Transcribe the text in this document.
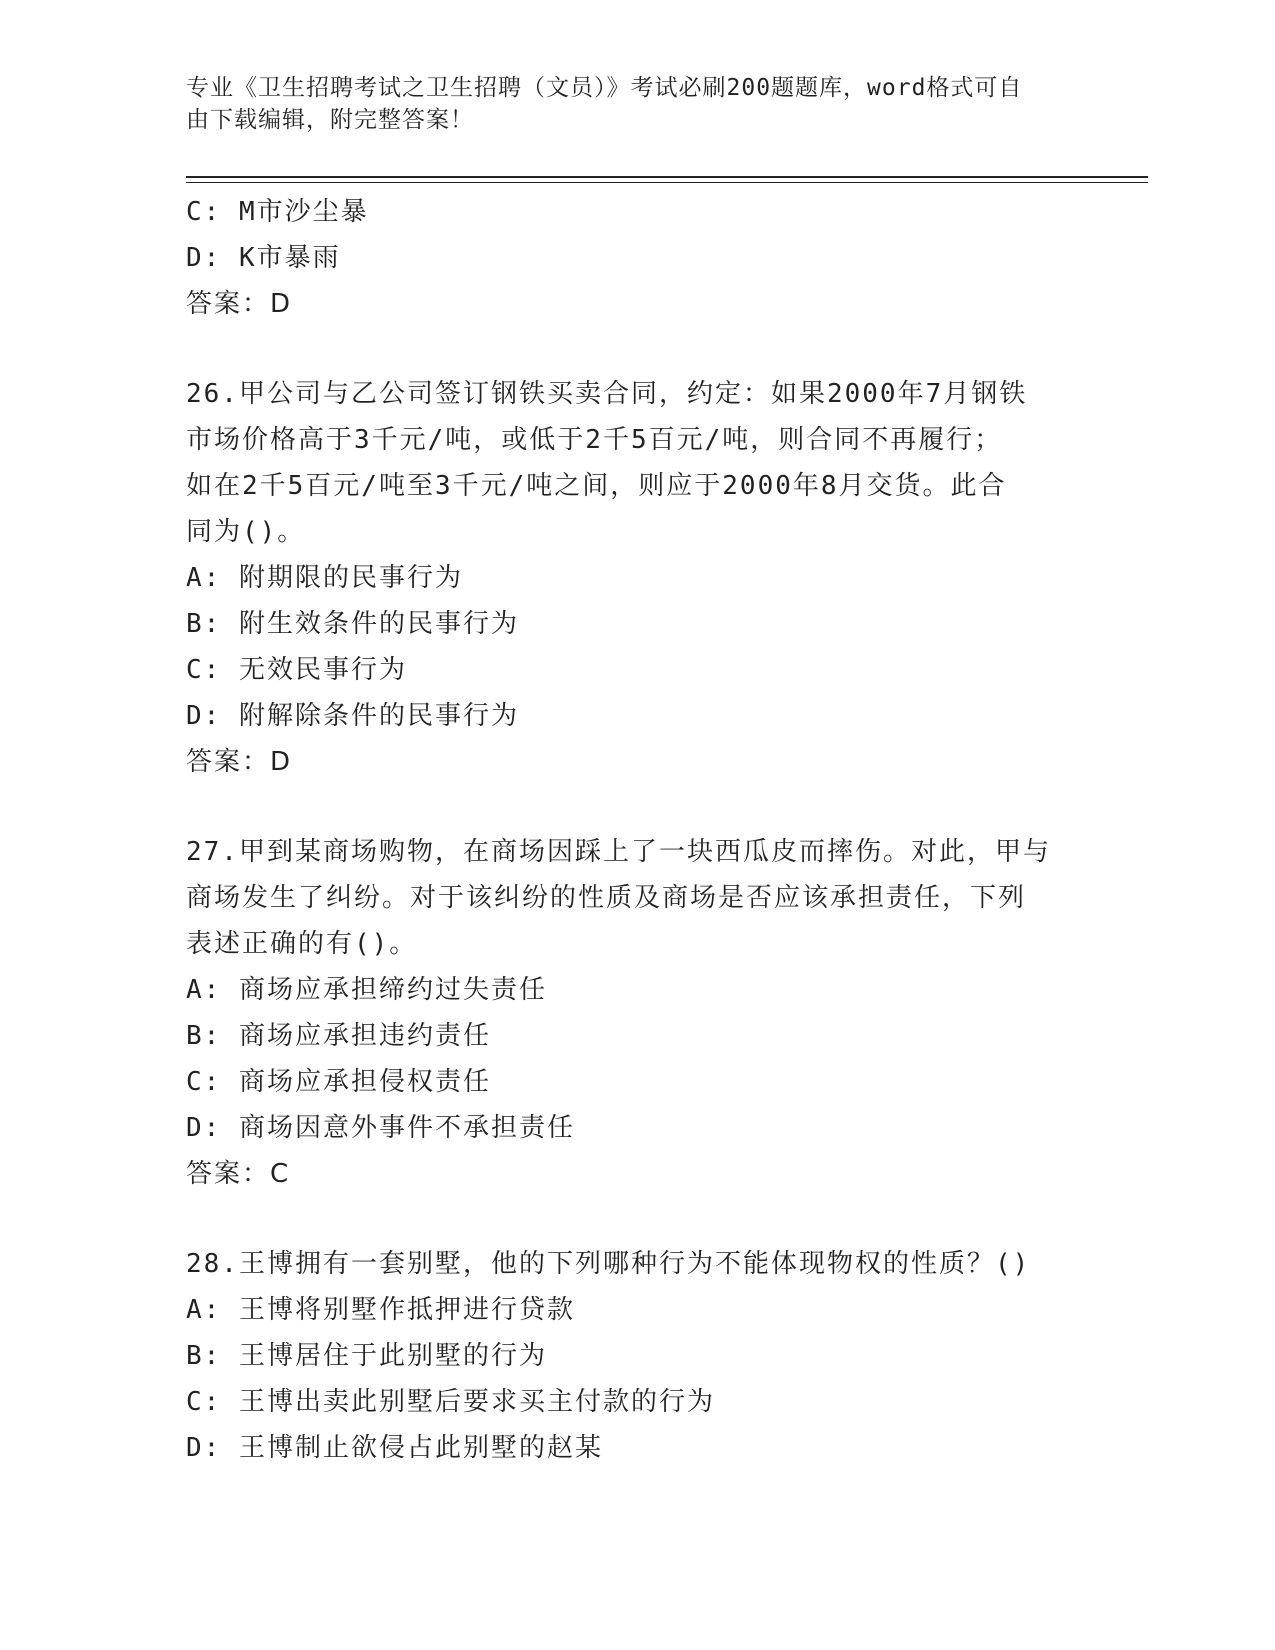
专业《卫生招聘考试之卫生招聘（文员）》考试必刷200题题库，word格式可自
由下载编辑，附完整答案！
C: M市沙尘暴
D: K市暴雨
答案：D
26.甲公司与乙公司签订钢铁买卖合同，约定：如果2000年7月钢铁
市场价格高于3千元/吨，或低于2千5百元/吨，则合同不再履行；
如在2千5百元/吨至3千元/吨之间，则应于2000年8月交货。此合
同为()。
A: 附期限的民事行为
B: 附生效条件的民事行为
C: 无效民事行为
D: 附解除条件的民事行为
答案：D
27.甲到某商场购物，在商场因踩上了一块西瓜皮而摔伤。对此，甲与
商场发生了纠纷。对于该纠纷的性质及商场是否应该承担责任，下列
表述正确的有()。
A: 商场应承担缔约过失责任
B: 商场应承担违约责任
C: 商场应承担侵权责任
D: 商场因意外事件不承担责任
答案：C
28.王博拥有一套别墅，他的下列哪种行为不能体现物权的性质？()
A: 王博将别墅作抵押进行贷款
B: 王博居住于此别墅的行为
C: 王博出卖此别墅后要求买主付款的行为
D: 王博制止欲侵占此别墅的赵某
